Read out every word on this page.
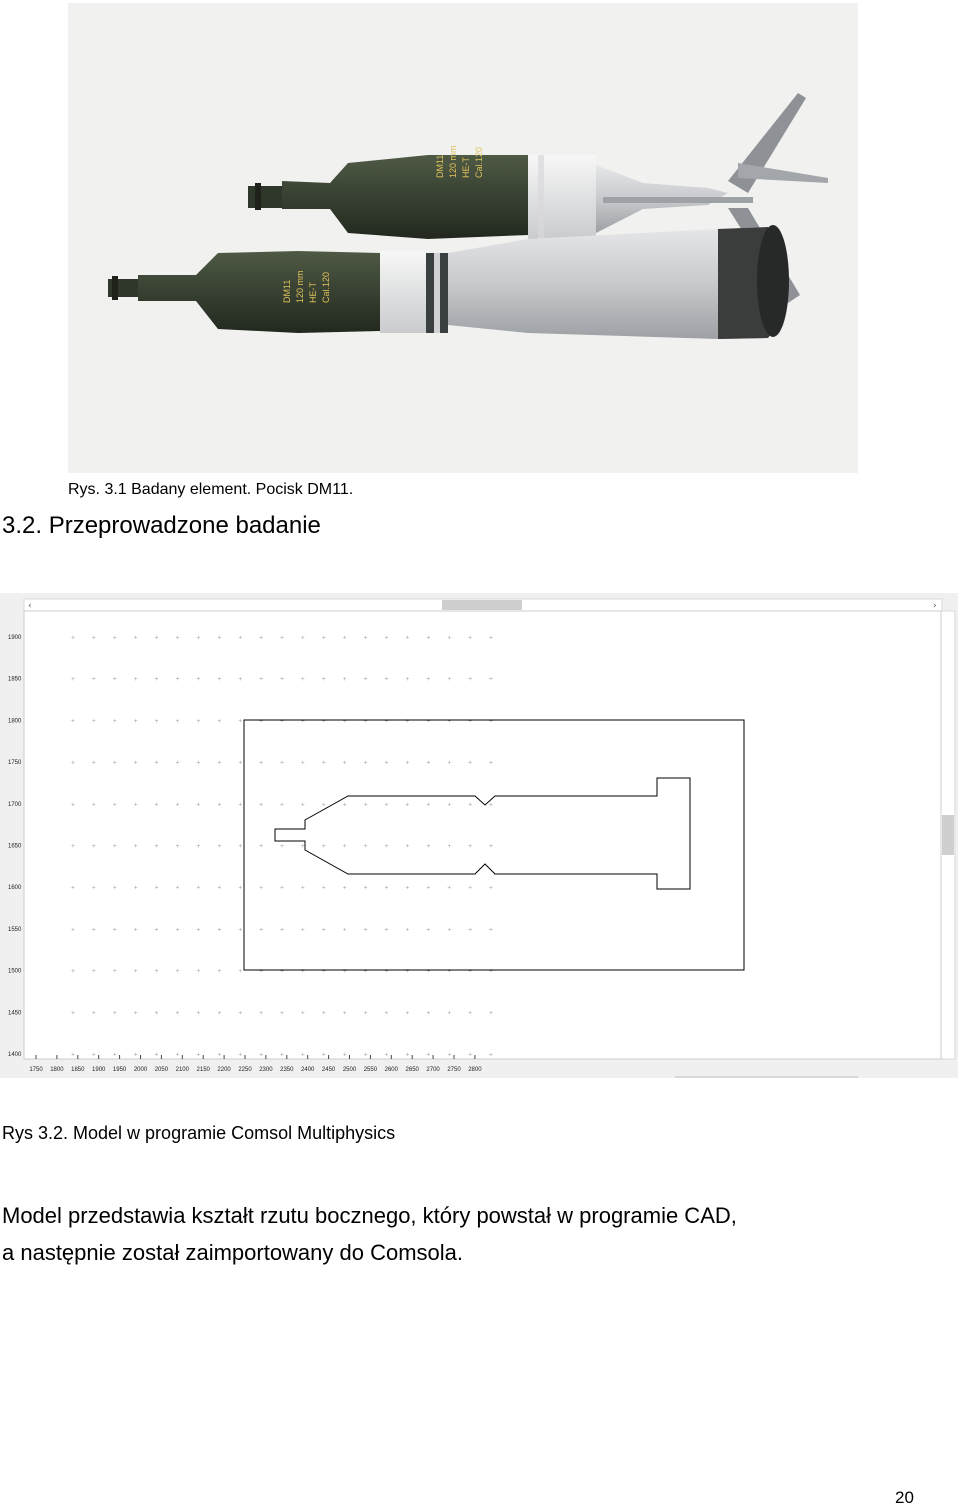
DM11 120 mm HE-T Cal.120
DM11 120 mm HE-T Cal.120
Rys. 3.1 Badany element. Pocisk DM11.
3.2. Przeprowadzone badanie
‹	›
+	+	+	+	+	+	+	+	+	+	+	+	+	+	+	+	+	+	+	+	+
+	+	+	+	+	+	+	+	+	+	+	+	+	+	+	+	+	+	+	+	+
+	+	+	+	+	+	+	+	+	+	+	+	+	+	+	+	+	+	+	+	+
+	+	+	+	+	+	+	+	+	+	+	+	+	+	+	+	+	+	+	+	+
+	+	+	+	+	+	+	+	+	+	+	+	+	+	+	+	+	+	+	+	+
+	+	+	+	+	+	+	+	+	+	+	+	+	+	+	+	+	+	+	+	+
+	+	+	+	+	+	+	+	+	+	+	+	+	+	+	+	+	+	+	+	+
+	+	+	+	+	+	+	+	+	+	+	+	+	+	+	+	+	+	+	+	+
+	+	+	+	+	+	+	+	+	+	+	+	+	+	+	+	+	+	+	+	+
+	+	+	+	+	+	+	+	+	+	+	+	+	+	+	+	+	+	+	+	+
+	+	+	+	+	+	+	+	+	+	+	+	+	+	+	+	+	+	+	+	+
1750 1800 1850 1900 1950 2000 2050 2100 2150 2200 2250 2300 2350 2400 2450 2500 2550 2600 2650 2700 2750 2800
1900
1850
1800
1750
1700
1650
1600
1550
1500
1450
1400
Rys 3.2. Model w programie Comsol Multiphysics
Model przedstawia kształt rzutu bocznego, który powstał w programie CAD,
a następnie został zaimportowany do Comsola.
20
